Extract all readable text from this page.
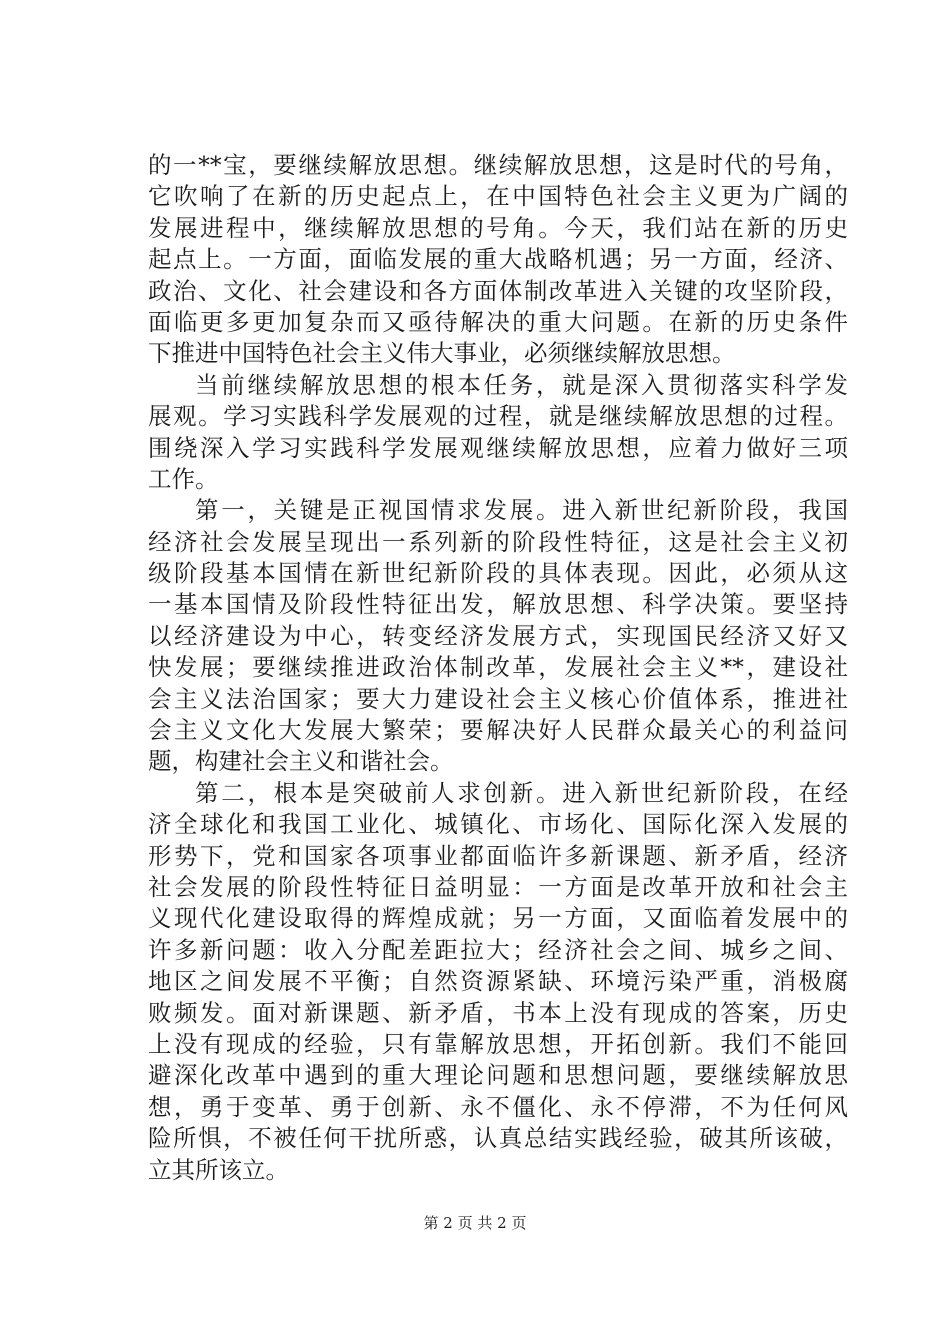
的一**宝，要继续解放思想。继续解放思想，这是时代的号角，
它吹响了在新的历史起点上，在中国特色社会主义更为广阔的
发展进程中，继续解放思想的号角。今天，我们站在新的历史
起点上。一方面，面临发展的重大战略机遇；另一方面，经济、
政治、文化、社会建设和各方面体制改革进入关键的攻坚阶段，
面临更多更加复杂而又亟待解决的重大问题。在新的历史条件
下推进中国特色社会主义伟大事业，必须继续解放思想。
当前继续解放思想的根本任务，就是深入贯彻落实科学发
展观。学习实践科学发展观的过程，就是继续解放思想的过程。
围绕深入学习实践科学发展观继续解放思想，应着力做好三项
工作。
第一，关键是正视国情求发展。进入新世纪新阶段，我国
经济社会发展呈现出一系列新的阶段性特征，这是社会主义初
级阶段基本国情在新世纪新阶段的具体表现。因此，必须从这
一基本国情及阶段性特征出发，解放思想、科学决策。要坚持
以经济建设为中心，转变经济发展方式，实现国民经济又好又
快发展；要继续推进政治体制改革，发展社会主义**，建设社
会主义法治国家；要大力建设社会主义核心价值体系，推进社
会主义文化大发展大繁荣；要解决好人民群众最关心的利益问
题，构建社会主义和谐社会。
第二，根本是突破前人求创新。进入新世纪新阶段，在经
济全球化和我国工业化、城镇化、市场化、国际化深入发展的
形势下，党和国家各项事业都面临许多新课题、新矛盾，经济
社会发展的阶段性特征日益明显：一方面是改革开放和社会主
义现代化建设取得的辉煌成就；另一方面，又面临着发展中的
许多新问题：收入分配差距拉大；经济社会之间、城乡之间、
地区之间发展不平衡；自然资源紧缺、环境污染严重，消极腐
败频发。面对新课题、新矛盾，书本上没有现成的答案，历史
上没有现成的经验，只有靠解放思想，开拓创新。我们不能回
避深化改革中遇到的重大理论问题和思想问题，要继续解放思
想，勇于变革、勇于创新、永不僵化、永不停滞，不为任何风
险所惧，不被任何干扰所惑，认真总结实践经验，破其所该破，
立其所该立。
第 2 页 共 2 页
